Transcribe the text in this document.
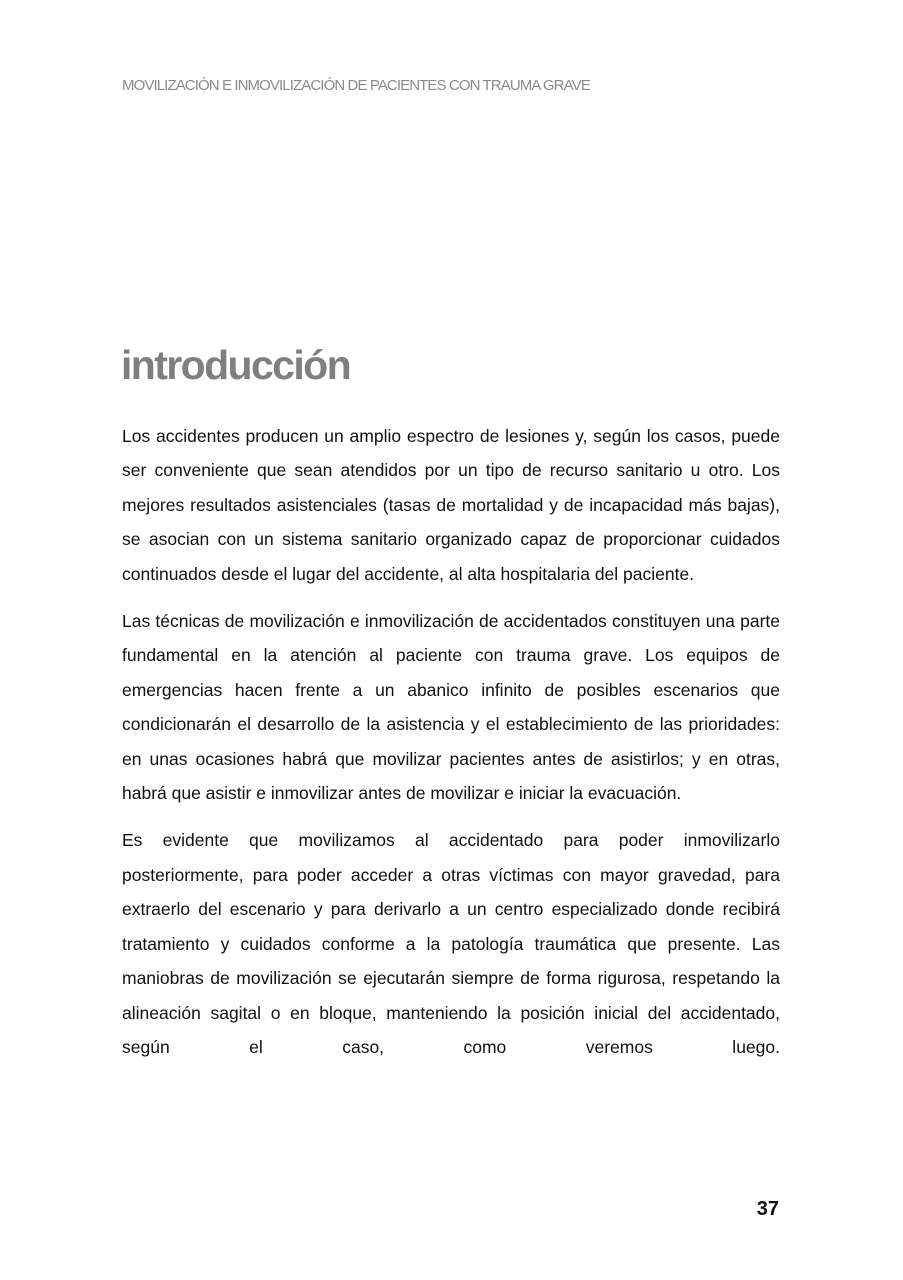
MOVILIZACIÓN E INMOVILIZACIÓN DE PACIENTES CON TRAUMA GRAVE
introducción

Los accidentes producen un amplio espectro de lesiones y, según los casos, puede ser conveniente que sean atendidos por un tipo de recurso sanitario u otro. Los mejores resultados asistenciales (tasas de mortalidad y de incapacidad más bajas), se asocian con un sistema sanitario organizado capaz de proporcionar cuidados continuados desde el lugar del accidente, al alta hospitalaria del paciente.

Las técnicas de movilización e inmovilización de accidentados constituyen una parte fundamental en la atención al paciente con trauma grave. Los equipos de emergencias hacen frente a un abanico infinito de posibles escenarios que condicionarán el desarrollo de la asistencia y el establecimiento de las prioridades: en unas ocasiones habrá que movilizar pacientes antes de asistirlos; y en otras, habrá que asistir e inmovilizar antes de movilizar e iniciar la evacuación.

Es evidente que movilizamos al accidentado para poder inmovilizarlo posteriormente, para poder acceder a otras víctimas con mayor gravedad, para extraerlo del escenario y para derivarlo a un centro especializado donde recibirá tratamiento y cuidados conforme a la patología traumática que presente. Las maniobras de movilización se ejecutarán siempre de forma rigurosa, respetando la alineación sagital o en bloque, manteniendo la posición inicial del accidentado, según el caso, como veremos luego.

37
